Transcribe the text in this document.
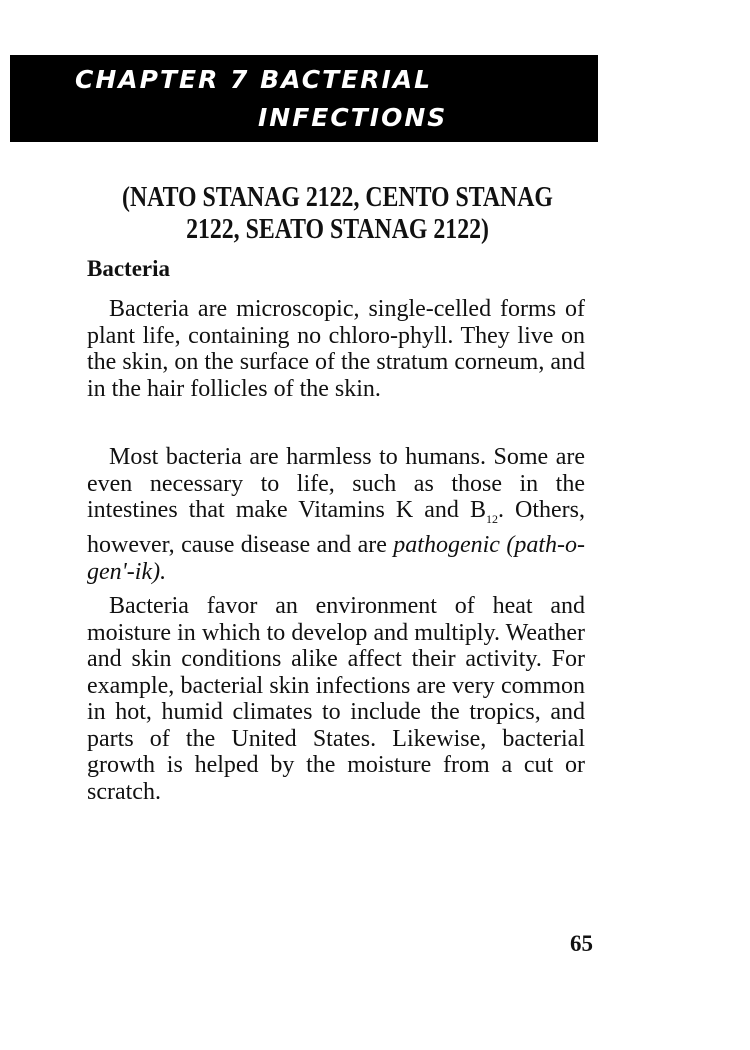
CHAPTER 7 BACTERIAL
INFECTIONS
(NATO STANAG 2122, CENTO STANAG 2122, SEATO STANAG 2122)
Bacteria

Bacteria are microscopic, single-celled forms of plant life, containing no chloro-phyll. They live on the skin, on the surface of the stratum corneum, and in the hair follicles of the skin.

Most bacteria are harmless to humans. Some are even necessary to life, such as those in the intestines that make Vitamins K and $B_{12}$. Others, however, cause disease and are pathogenic (path-o-gen'-ik).

Bacteria favor an environment of heat and moisture in which to develop and multiply. Weather and skin conditions alike affect their activity. For example, bacterial skin infections are very common in hot, humid climates to include the tropics, and parts of the United States. Likewise, bacterial growth is helped by the moisture from a cut or scratch.

65
